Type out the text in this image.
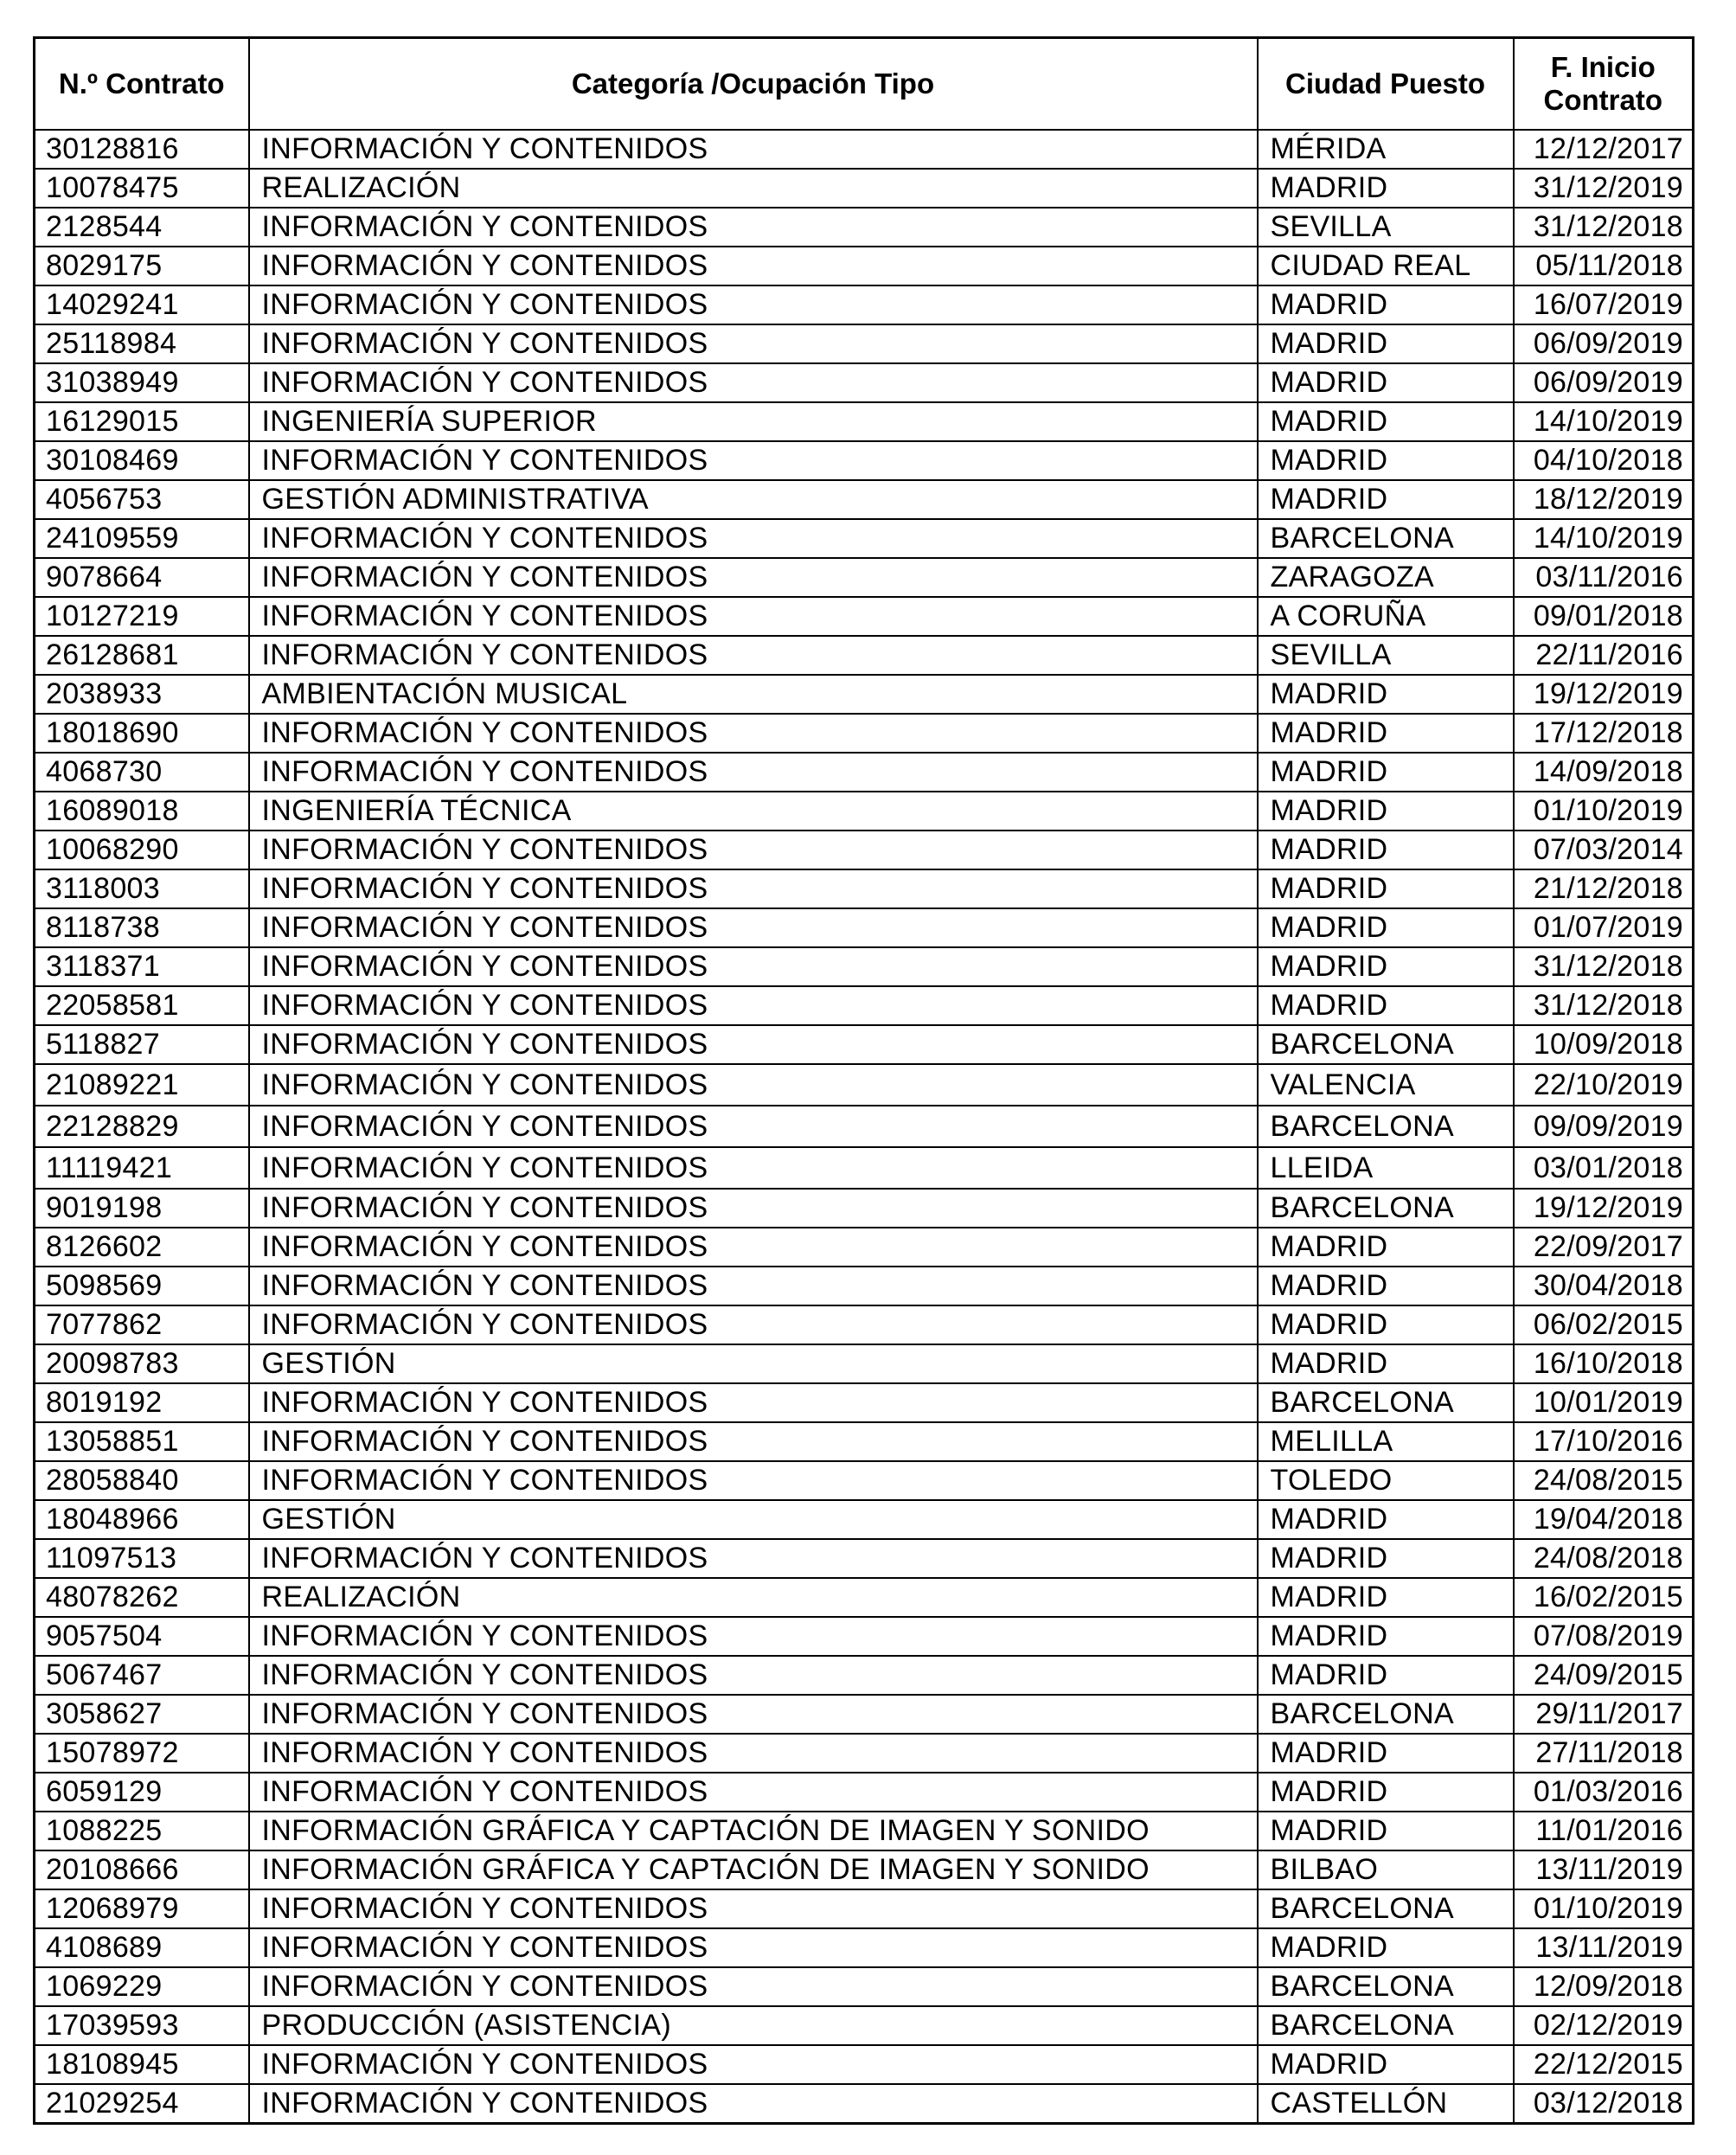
N.º Contrato	Categoría /Ocupación Tipo	Ciudad Puesto	F. Inicio Contrato
30128816	INFORMACIÓN Y CONTENIDOS	MÉRIDA	12/12/2017
10078475	REALIZACIÓN	MADRID	31/12/2019
2128544	INFORMACIÓN Y CONTENIDOS	SEVILLA	31/12/2018
8029175	INFORMACIÓN Y CONTENIDOS	CIUDAD REAL	05/11/2018
14029241	INFORMACIÓN Y CONTENIDOS	MADRID	16/07/2019
25118984	INFORMACIÓN Y CONTENIDOS	MADRID	06/09/2019
31038949	INFORMACIÓN Y CONTENIDOS	MADRID	06/09/2019
16129015	INGENIERÍA SUPERIOR	MADRID	14/10/2019
30108469	INFORMACIÓN Y CONTENIDOS	MADRID	04/10/2018
4056753	GESTIÓN ADMINISTRATIVA	MADRID	18/12/2019
24109559	INFORMACIÓN Y CONTENIDOS	BARCELONA	14/10/2019
9078664	INFORMACIÓN Y CONTENIDOS	ZARAGOZA	03/11/2016
10127219	INFORMACIÓN Y CONTENIDOS	A CORUÑA	09/01/2018
26128681	INFORMACIÓN Y CONTENIDOS	SEVILLA	22/11/2016
2038933	AMBIENTACIÓN MUSICAL	MADRID	19/12/2019
18018690	INFORMACIÓN Y CONTENIDOS	MADRID	17/12/2018
4068730	INFORMACIÓN Y CONTENIDOS	MADRID	14/09/2018
16089018	INGENIERÍA TÉCNICA	MADRID	01/10/2019
10068290	INFORMACIÓN Y CONTENIDOS	MADRID	07/03/2014
3118003	INFORMACIÓN Y CONTENIDOS	MADRID	21/12/2018
8118738	INFORMACIÓN Y CONTENIDOS	MADRID	01/07/2019
3118371	INFORMACIÓN Y CONTENIDOS	MADRID	31/12/2018
22058581	INFORMACIÓN Y CONTENIDOS	MADRID	31/12/2018
5118827	INFORMACIÓN Y CONTENIDOS	BARCELONA	10/09/2018
21089221	INFORMACIÓN Y CONTENIDOS	VALENCIA	22/10/2019
22128829	INFORMACIÓN Y CONTENIDOS	BARCELONA	09/09/2019
11119421	INFORMACIÓN Y CONTENIDOS	LLEIDA	03/01/2018
9019198	INFORMACIÓN Y CONTENIDOS	BARCELONA	19/12/2019
8126602	INFORMACIÓN Y CONTENIDOS	MADRID	22/09/2017
5098569	INFORMACIÓN Y CONTENIDOS	MADRID	30/04/2018
7077862	INFORMACIÓN Y CONTENIDOS	MADRID	06/02/2015
20098783	GESTIÓN	MADRID	16/10/2018
8019192	INFORMACIÓN Y CONTENIDOS	BARCELONA	10/01/2019
13058851	INFORMACIÓN Y CONTENIDOS	MELILLA	17/10/2016
28058840	INFORMACIÓN Y CONTENIDOS	TOLEDO	24/08/2015
18048966	GESTIÓN	MADRID	19/04/2018
11097513	INFORMACIÓN Y CONTENIDOS	MADRID	24/08/2018
48078262	REALIZACIÓN	MADRID	16/02/2015
9057504	INFORMACIÓN Y CONTENIDOS	MADRID	07/08/2019
5067467	INFORMACIÓN Y CONTENIDOS	MADRID	24/09/2015
3058627	INFORMACIÓN Y CONTENIDOS	BARCELONA	29/11/2017
15078972	INFORMACIÓN Y CONTENIDOS	MADRID	27/11/2018
6059129	INFORMACIÓN Y CONTENIDOS	MADRID	01/03/2016
1088225	INFORMACIÓN GRÁFICA Y CAPTACIÓN DE IMAGEN Y SONIDO	MADRID	11/01/2016
20108666	INFORMACIÓN GRÁFICA Y CAPTACIÓN DE IMAGEN Y SONIDO	BILBAO	13/11/2019
12068979	INFORMACIÓN Y CONTENIDOS	BARCELONA	01/10/2019
4108689	INFORMACIÓN Y CONTENIDOS	MADRID	13/11/2019
1069229	INFORMACIÓN Y CONTENIDOS	BARCELONA	12/09/2018
17039593	PRODUCCIÓN (ASISTENCIA)	BARCELONA	02/12/2019
18108945	INFORMACIÓN Y CONTENIDOS	MADRID	22/12/2015
21029254	INFORMACIÓN Y CONTENIDOS	CASTELLÓN	03/12/2018
